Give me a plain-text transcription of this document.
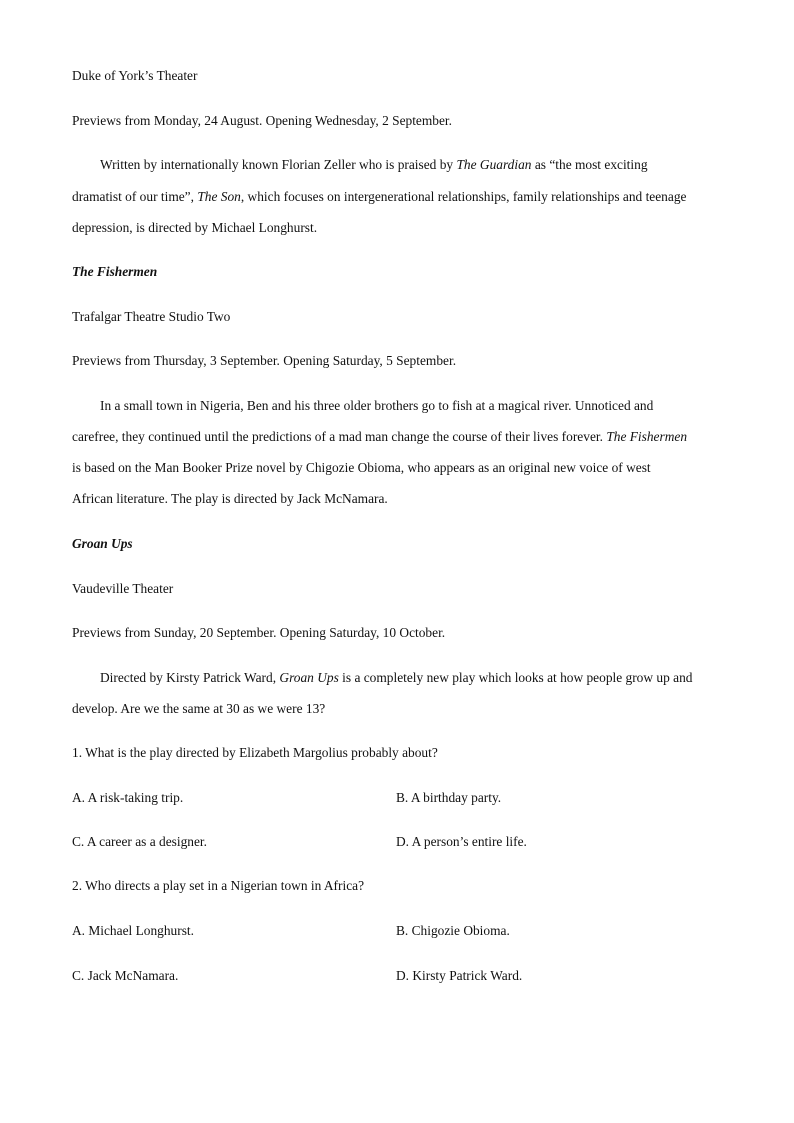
Duke of York’s Theater
Previews from Monday, 24 August. Opening Wednesday, 2 September.
Written by internationally known Florian Zeller who is praised by The Guardian as “the most exciting
dramatist of our time”, The Son, which focuses on intergenerational relationships, family relationships and teenage
depression, is directed by Michael Longhurst.
The Fishermen
Trafalgar Theatre Studio Two
Previews from Thursday, 3 September. Opening Saturday, 5 September.
In a small town in Nigeria, Ben and his three older brothers go to fish at a magical river. Unnoticed and
carefree, they continued until the predictions of a mad man change the course of their lives forever. The Fishermen
is based on the Man Booker Prize novel by Chigozie Obioma, who appears as an original new voice of west
African literature. The play is directed by Jack McNamara.
Groan Ups
Vaudeville Theater
Previews from Sunday, 20 September. Opening Saturday, 10 October.
Directed by Kirsty Patrick Ward, Groan Ups is a completely new play which looks at how people grow up and
develop. Are we the same at 30 as we were 13?
1. What is the play directed by Elizabeth Margolius probably about?
A. A risk-taking trip.	B. A birthday party.
C. A career as a designer.	D. A person’s entire life.
2. Who directs a play set in a Nigerian town in Africa?
A. Michael Longhurst.	B. Chigozie Obioma.
C. Jack McNamara.	D. Kirsty Patrick Ward.
